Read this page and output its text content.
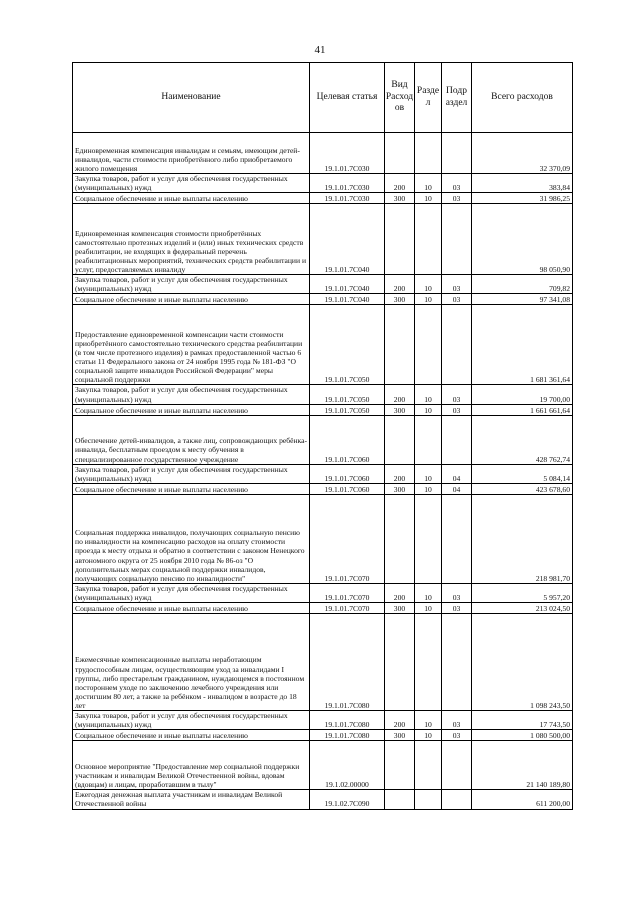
41
Наименование	Целевая статья	Вид Расход ов	Разде л	Подр аздел	Всего расходов
Единовременная компенсация инвалидам и семьям, имеющим детей-инвалидов, части стоимости приобретённого либо приобретаемого жилого помещения	19.1.01.7С030				32 370,09
Закупка товаров, работ и услуг для обеспечения государственных (муниципальных) нужд	19.1.01.7С030	200	10	03	383,84
Социальное обеспечение и иные выплаты населению	19.1.01.7С030	300	10	03	31 986,25
Единовременная компенсация стоимости приобретённых самостоятельно протезных изделий и (или) иных технических средств реабилитации, не входящих в федеральный перечень реабилитационных мероприятий, технических средств реабилитации и услуг, предоставляемых инвалиду	19.1.01.7С040				98 050,90
Закупка товаров, работ и услуг для обеспечения государственных (муниципальных) нужд	19.1.01.7С040	200	10	03	709,82
Социальное обеспечение и иные выплаты населению	19.1.01.7С040	300	10	03	97 341,08
Предоставление единовременной компенсации части стоимости приобретённого самостоятельно технического средства реабилитации (в том числе протезного изделия) в рамках предоставленной частью 6 статьи 11 Федерального закона от 24 ноября 1995 года № 181-ФЗ "О социальной защите инвалидов Российской Федерации" меры социальной поддержки	19.1.01.7С050				1 681 361,64
Закупка товаров, работ и услуг для обеспечения государственных (муниципальных) нужд	19.1.01.7С050	200	10	03	19 700,00
Социальное обеспечение и иные выплаты населению	19.1.01.7С050	300	10	03	1 661 661,64
Обеспечение детей-инвалидов, а также лиц, сопровождающих ребёнка-инвалида, бесплатным проездом к месту обучения в специализированное государственное учреждение	19.1.01.7С060				428 762,74
Закупка товаров, работ и услуг для обеспечения государственных (муниципальных) нужд	19.1.01.7С060	200	10	04	5 084,14
Социальное обеспечение и иные выплаты населению	19.1.01.7С060	300	10	04	423 678,60
Социальная поддержка инвалидов, получающих социальную пенсию по инвалидности на компенсацию расходов на оплату стоимости проезда к месту отдыха и обратно в соответствии с законом Ненецкого автономного округа от 25 ноября 2010 года № 86-оз "О дополнительных мерах социальной поддержки инвалидов, получающих социальную пенсию по инвалидности"	19.1.01.7С070				218 981,70
Закупка товаров, работ и услуг для обеспечения государственных (муниципальных) нужд	19.1.01.7С070	200	10	03	5 957,20
Социальное обеспечение и иные выплаты населению	19.1.01.7С070	300	10	03	213 024,50
Ежемесячные компенсационные выплаты неработающим трудоспособным лицам, осуществляющим уход за инвалидами I группы, либо престарелым гражданином, нуждающемся в постоянном постороннем уходе по заключению лечебного учреждения или достигшим 80 лет, а также за ребёнком - инвалидом в возрасте до 18 лет	19.1.01.7С080				1 098 243,50
Закупка товаров, работ и услуг для обеспечения государственных (муниципальных) нужд	19.1.01.7С080	200	10	03	17 743,50
Социальное обеспечение и иные выплаты населению	19.1.01.7С080	300	10	03	1 080 500,00
Основное мероприятие "Предоставление мер социальной поддержки участникам и инвалидам Великой Отечественной войны, вдовам (вдовцам) и лицам, проработавшим в тылу"	19.1.02.00000				21 140 189,80
Ежегодная денежная выплата участникам и инвалидам Великой Отечественной войны	19.1.02.7С090				611 200,00
